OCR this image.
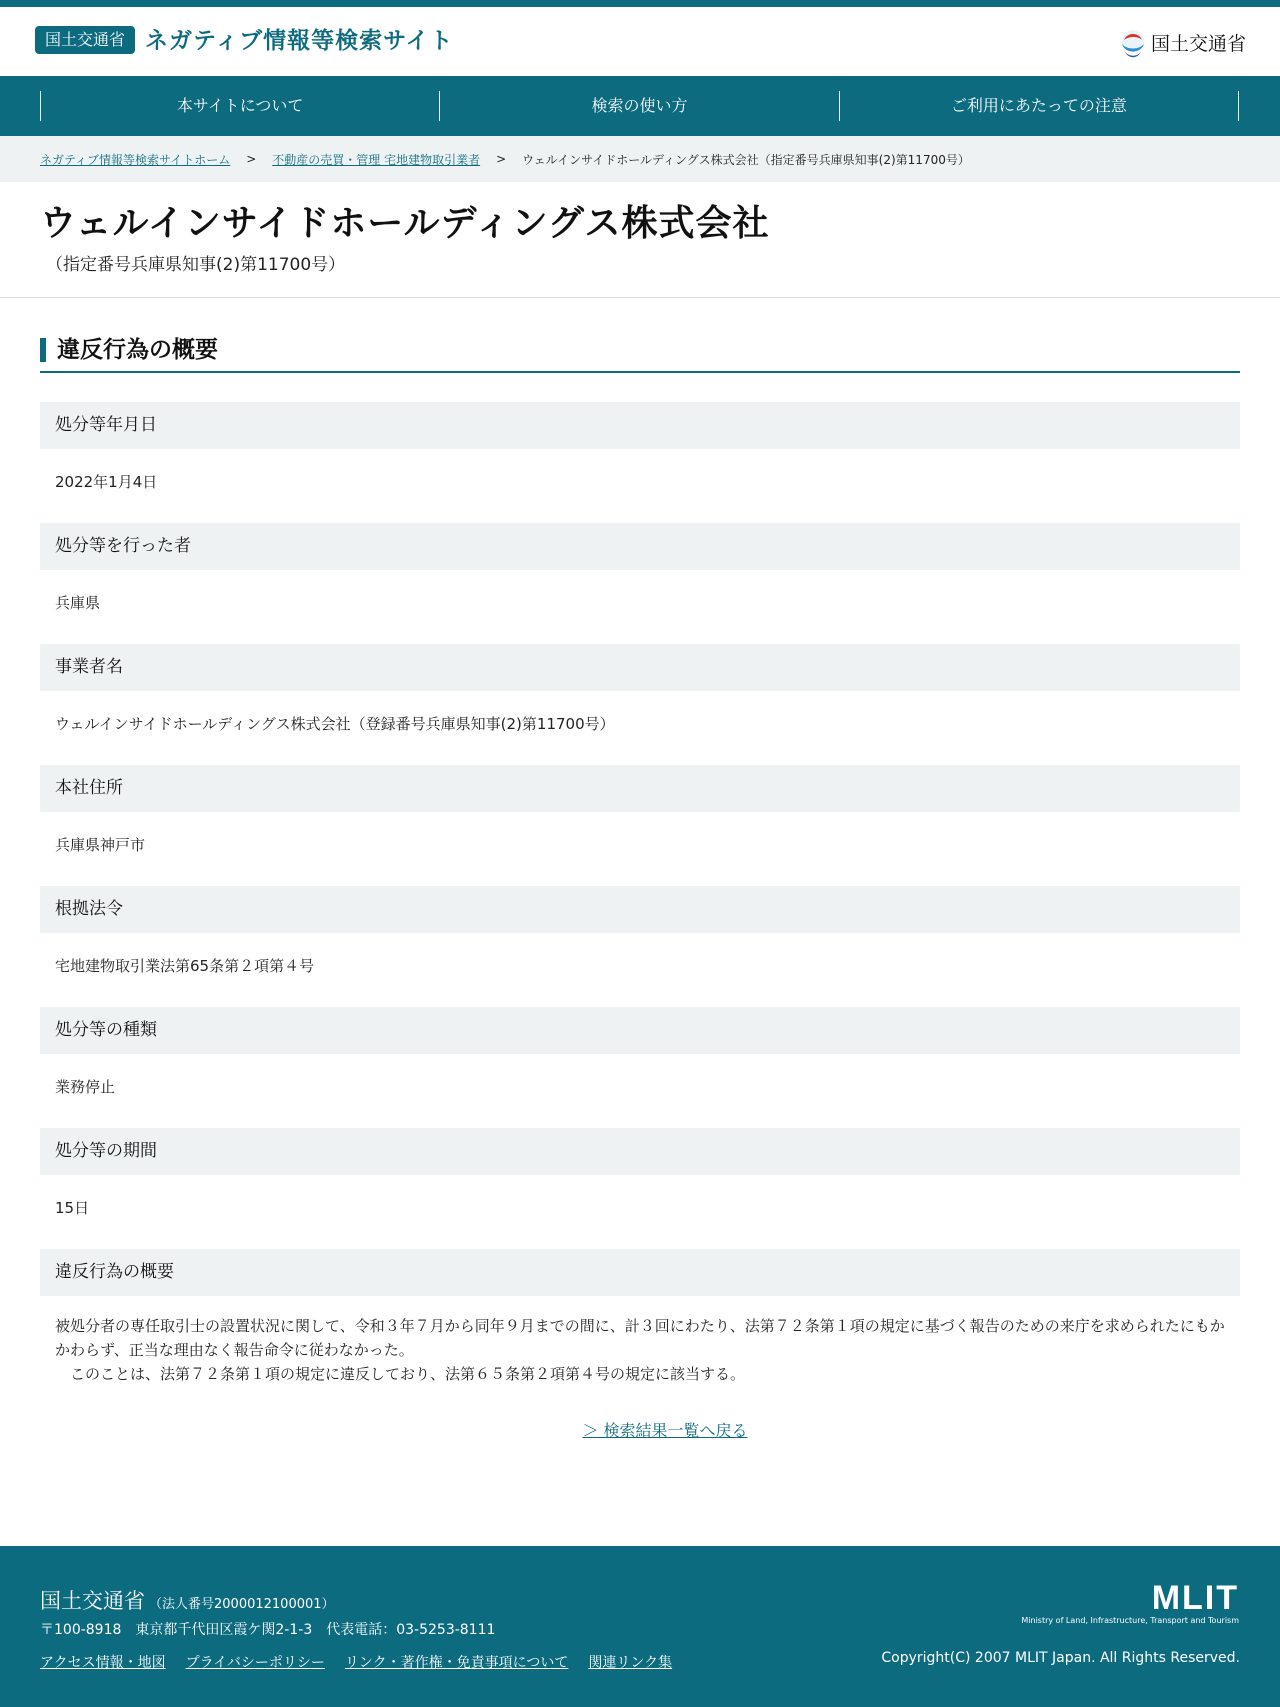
国土交通省 ネガティブ情報等検索サイト	国土交通省
本サイトについて	検索の使い方	ご利用にあたっての注意
ネガティブ情報等検索サイトホーム > 不動産の売買・管理 宅地建物取引業者 > ウェルインサイドホールディングス株式会社（指定番号兵庫県知事(2)第11700号）
ウェルインサイドホールディングス株式会社
（指定番号兵庫県知事(2)第11700号）
違反行為の概要
処分等年月日
2022年1月4日
処分等を行った者
兵庫県
事業者名
ウェルインサイドホールディングス株式会社（登録番号兵庫県知事(2)第11700号）
本社住所
兵庫県神戸市
根拠法令
宅地建物取引業法第65条第２項第４号
処分等の種類
業務停止
処分等の期間
15日
違反行為の概要

被処分者の専任取引士の設置状況に関して、令和３年７月から同年９月までの間に、計３回にわたり、法第７２条第１項の規定に基づく報告のための来庁を求められたにもかかわらず、正当な理由なく報告命令に従わなかった。

　このことは、法第７２条第１項の規定に違反しており、法第６５条第２項第４号の規定に該当する。

＞ 検索結果一覧へ戻る
国土交通省 （法人番号2000012100001）
〒100-8918　東京都千代田区霞ケ関2-1-3　代表電話：03-5253-8111
アクセス情報・地図 プライバシーポリシー リンク・著作権・免責事項について 関連リンク集
MLIT
Ministry of Land, Infrastructure, Transport and Tourism
Copyright(C) 2007 MLIT Japan. All Rights Reserved.
